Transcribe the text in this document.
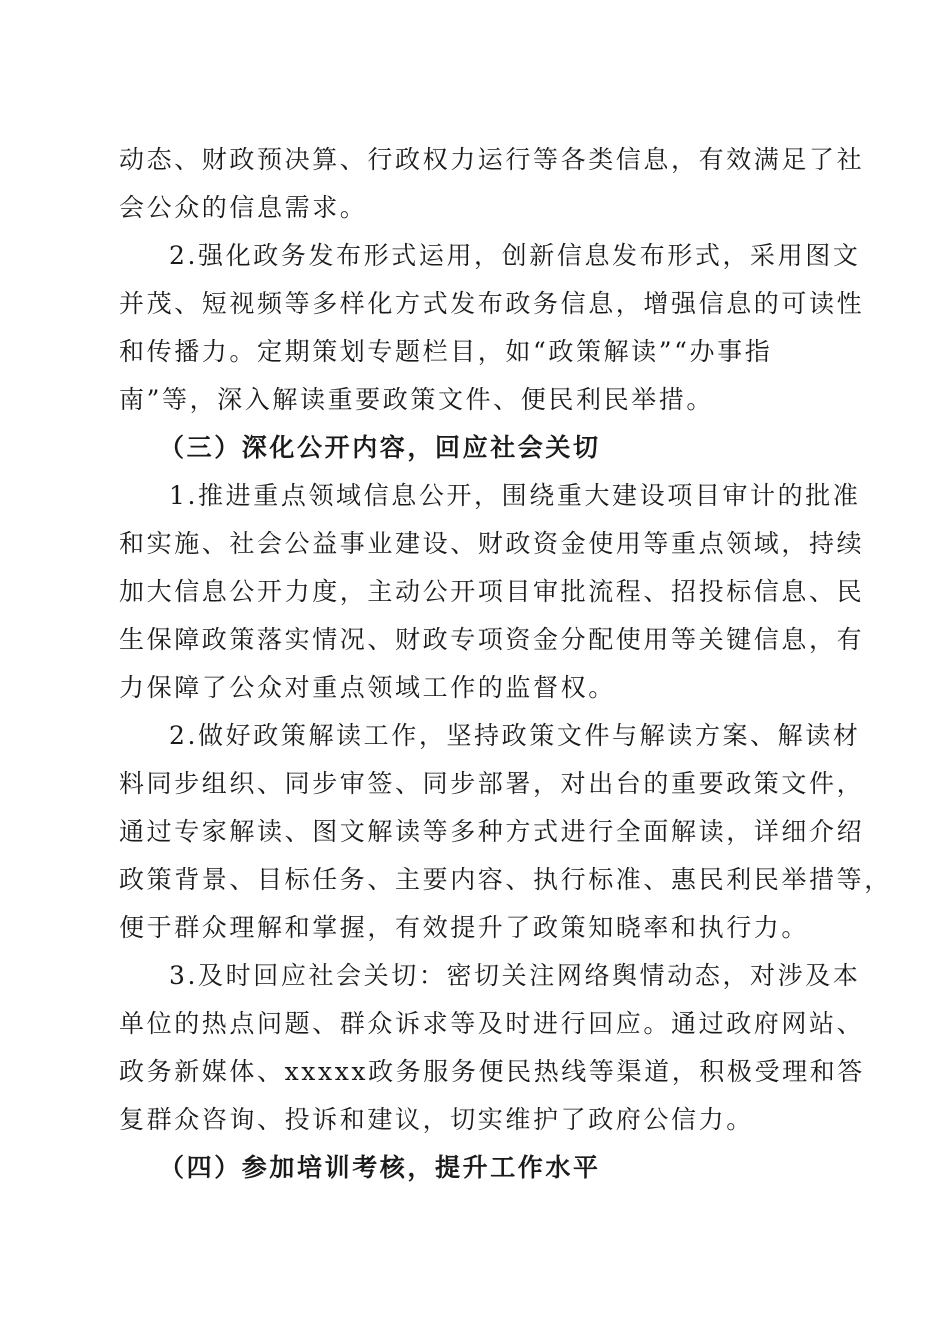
动态、财政预决算、行政权力运行等各类信息，有效满足了社
会公众的信息需求。
2.强化政务发布形式运用，创新信息发布形式，采用图文
并茂、短视频等多样化方式发布政务信息，增强信息的可读性
和传播力。定期策划专题栏目，如“政策解读”“办事指
南”等，深入解读重要政策文件、便民利民举措。
（三）深化公开内容，回应社会关切
1.推进重点领域信息公开，围绕重大建设项目审计的批准
和实施、社会公益事业建设、财政资金使用等重点领域，持续
加大信息公开力度，主动公开项目审批流程、招投标信息、民
生保障政策落实情况、财政专项资金分配使用等关键信息，有
力保障了公众对重点领域工作的监督权。
2.做好政策解读工作，坚持政策文件与解读方案、解读材
料同步组织、同步审签、同步部署，对出台的重要政策文件，
通过专家解读、图文解读等多种方式进行全面解读，详细介绍
政策背景、目标任务、主要内容、执行标准、惠民利民举措等，
便于群众理解和掌握，有效提升了政策知晓率和执行力。
3.及时回应社会关切：密切关注网络舆情动态，对涉及本
单位的热点问题、群众诉求等及时进行回应。通过政府网站、
政务新媒体、xxxxx政务服务便民热线等渠道，积极受理和答
复群众咨询、投诉和建议，切实维护了政府公信力。
（四）参加培训考核，提升工作水平
